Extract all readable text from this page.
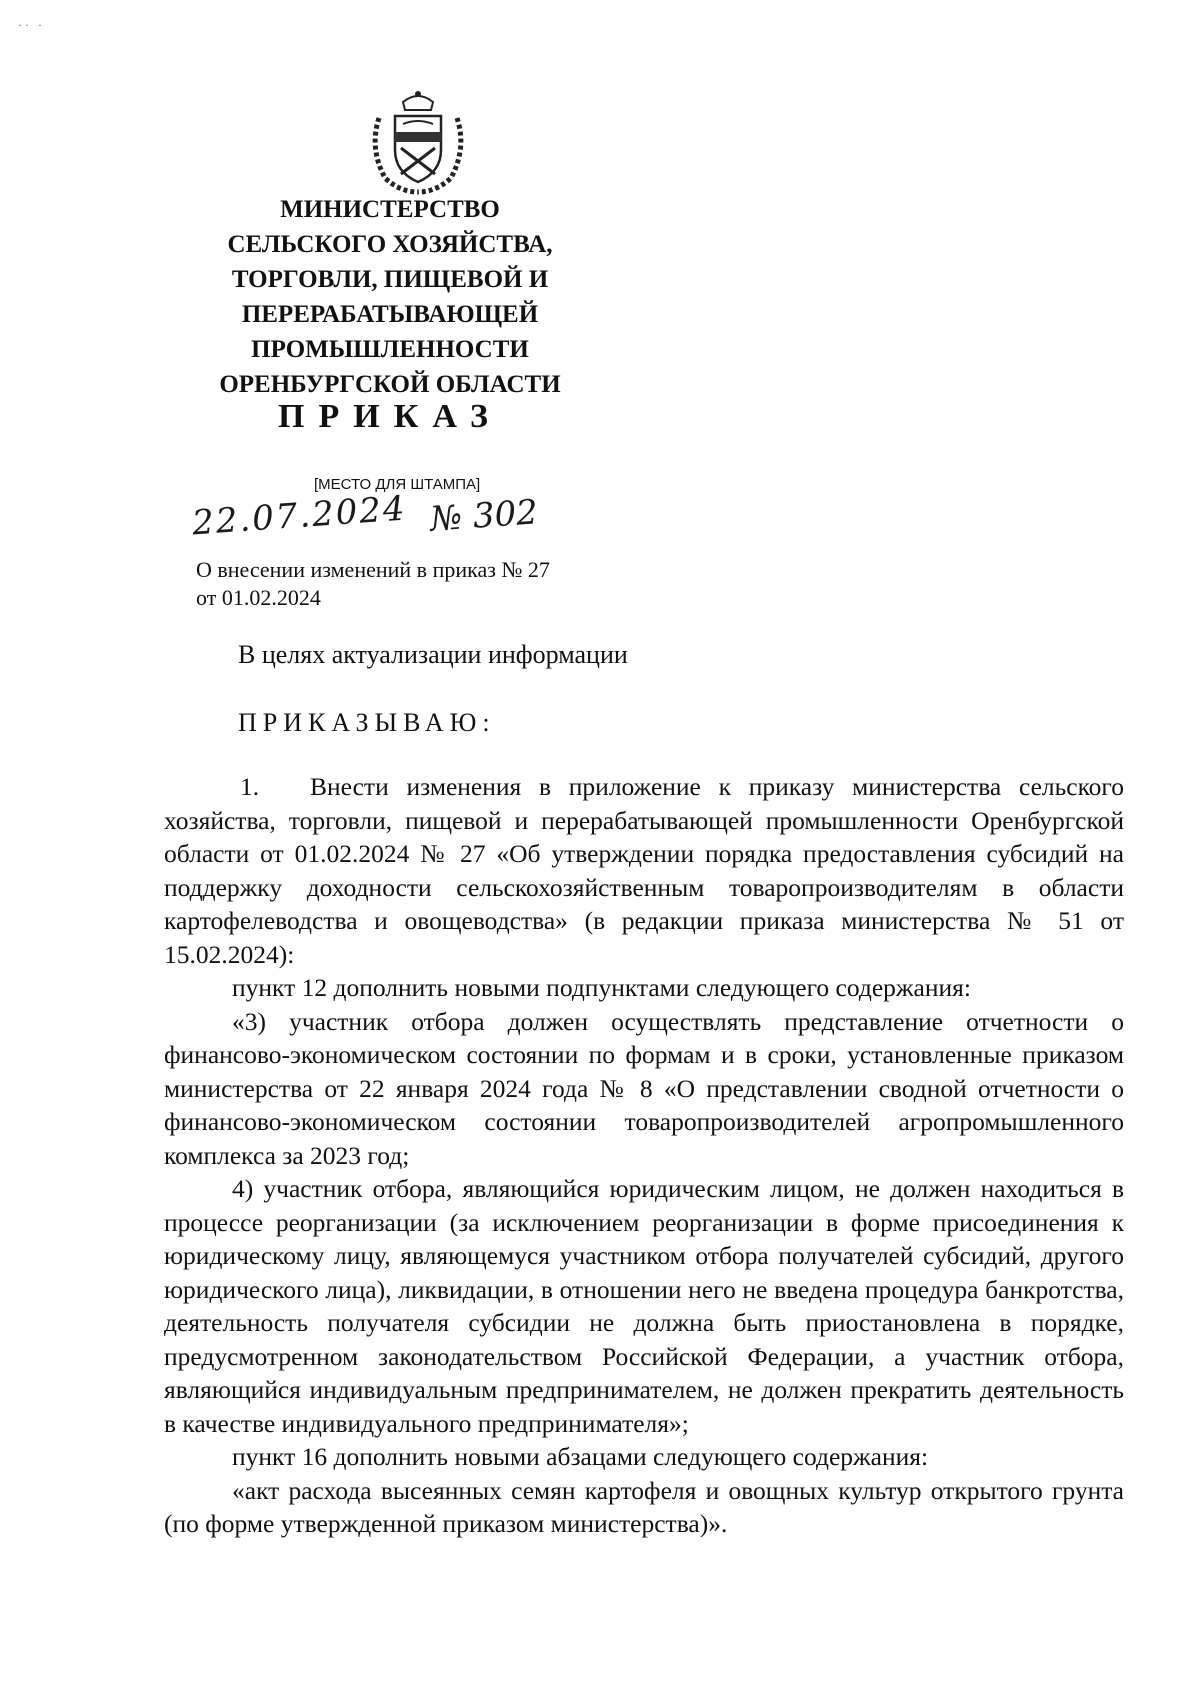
·· ·
МИНИСТЕРСТВО
СЕЛЬСКОГО ХОЗЯЙСТВА,
ТОРГОВЛИ, ПИЩЕВОЙ И
ПЕРЕРАБАТЫВАЮЩЕЙ
ПРОМЫШЛЕННОСТИ
ОРЕНБУРГСКОЙ ОБЛАСТИ
ПРИКАЗ
[МЕСТО ДЛЯ ШТАМПА]
22.07.2024 № 302
О внесении изменений в приказ № 27
от 01.02.2024
В целях актуализации информации
ПРИКАЗЫВАЮ:

1. Внести изменения в приложение к приказу министерства сельского хозяйства, торговли, пищевой и перерабатывающей промышленности Оренбургской области от 01.02.2024 № 27 «Об утверждении порядка предоставления субсидий на поддержку доходности сельскохозяйственным товаропроизводителям в области картофелеводства и овощеводства» (в редакции приказа министерства № 51 от 15.02.2024):

пункт 12 дополнить новыми подпунктами следующего содержания:

«3) участник отбора должен осуществлять представление отчетности о финансово-экономическом состоянии по формам и в сроки, установленные приказом министерства от 22 января 2024 года № 8 «О представлении сводной отчетности о финансово-экономическом состоянии товаропроизводителей агропромышленного комплекса за 2023 год;

4) участник отбора, являющийся юридическим лицом, не должен находиться в процессе реорганизации (за исключением реорганизации в форме присоединения к юридическому лицу, являющемуся участником отбора получателей субсидий, другого юридического лица), ликвидации, в отношении него не введена процедура банкротства, деятельность получателя субсидии не должна быть приостановлена в порядке, предусмотренном законодательством Российской Федерации, а участник отбора, являющийся индивидуальным предпринимателем, не должен прекратить деятельность в качестве индивидуального предпринимателя»;

пункт 16 дополнить новыми абзацами следующего содержания:

«акт расхода высеянных семян картофеля и овощных культур открытого грунта (по форме утвержденной приказом министерства)».
